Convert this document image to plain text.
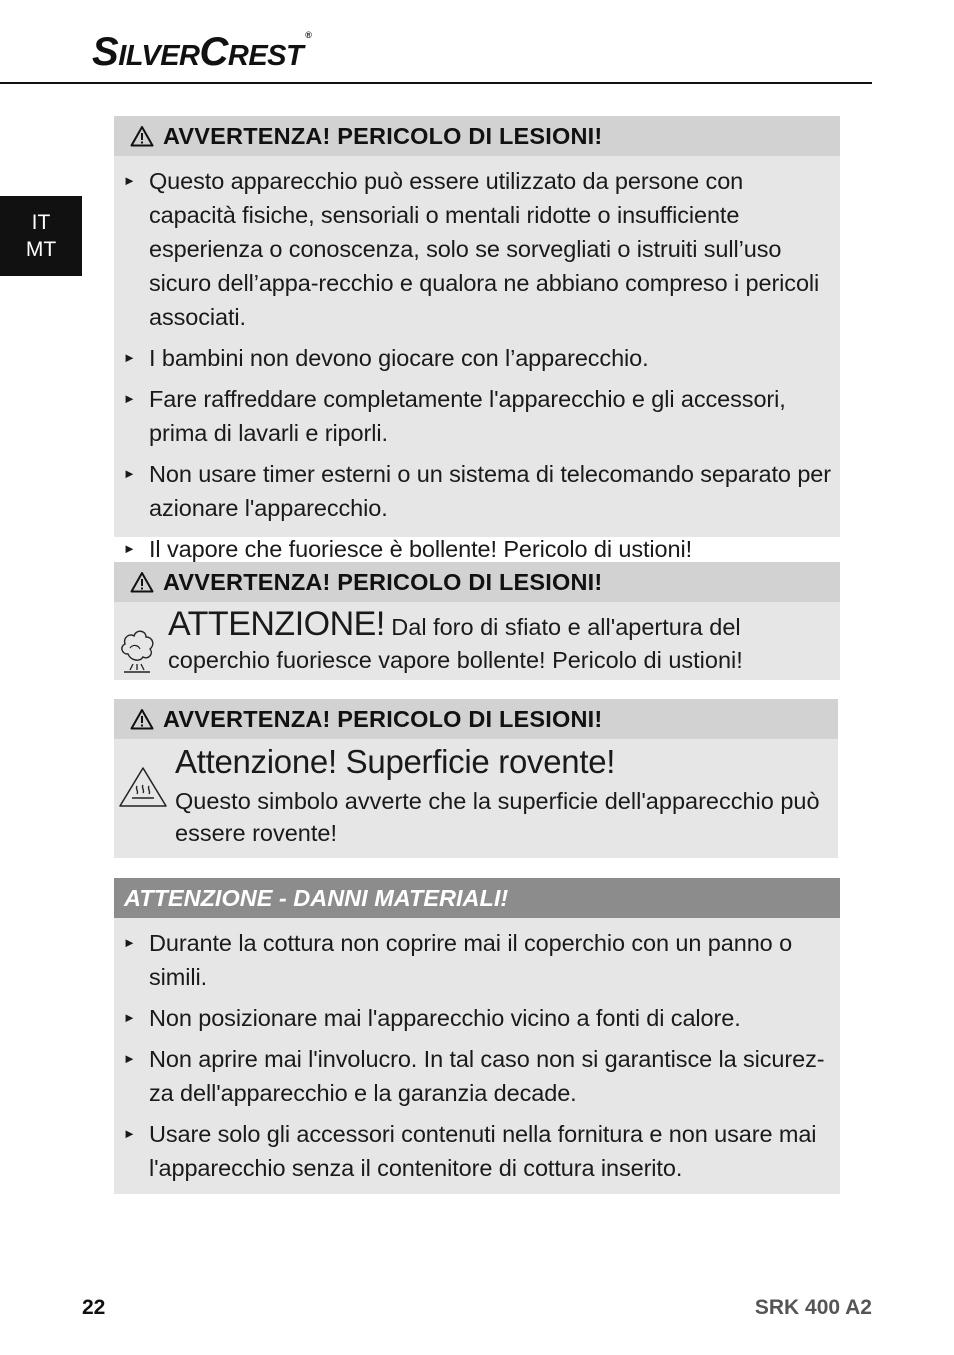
SILVERCREST®
IT
MT
AVVERTENZA! PERICOLO DI LESIONI!
► Questo apparecchio può essere utilizzato da persone con capacità fisiche, sensoriali o mentali ridotte o insufficiente esperienza o conoscenza, solo se sorvegliati o istruiti sull’uso sicuro dell’appa-recchio e qualora ne abbiano compreso i pericoli associati.
► I bambini non devono giocare con l’apparecchio.
► Fare raffreddare completamente l'apparecchio e gli accessori, prima di lavarli e riporli.
► Non usare timer esterni o un sistema di telecomando separato per azionare l'apparecchio.
► Il vapore che fuoriesce è bollente! Pericolo di ustioni!
AVVERTENZA! PERICOLO DI LESIONI!
ATTENZIONE! Dal foro di sfiato e all'apertura del coperchio fuoriesce vapore bollente! Pericolo di ustioni!
AVVERTENZA! PERICOLO DI LESIONI!
Attenzione! Superficie rovente!
Questo simbolo avverte che la superficie dell'apparecchio può essere rovente!
ATTENZIONE - DANNI MATERIALI!
► Durante la cottura non coprire mai il coperchio con un panno o simili.
► Non posizionare mai l'apparecchio vicino a fonti di calore.
► Non aprire mai l'involucro. In tal caso non si garantisce la sicurez-za dell'apparecchio e la garanzia decade.
► Usare solo gli accessori contenuti nella fornitura e non usare mai l'apparecchio senza il contenitore di cottura inserito.
22	SRK 400 A2
